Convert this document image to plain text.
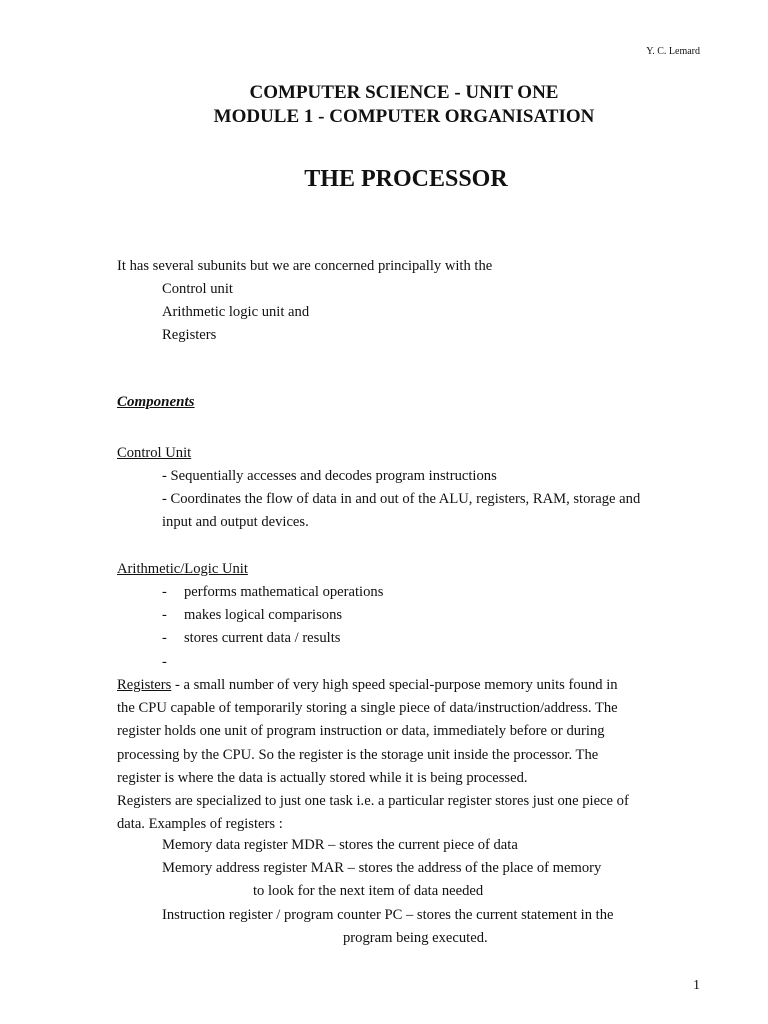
Y. C. Lemard
COMPUTER SCIENCE - UNIT ONE
MODULE 1 - COMPUTER ORGANISATION
THE PROCESSOR
It has several subunits but we are concerned principally with the
Control unit
Arithmetic logic unit and
Registers
Components
Control Unit
- Sequentially accesses and decodes program instructions
- Coordinates the flow of data in and out of the ALU, registers, RAM, storage and
input and output devices.
Arithmetic/Logic Unit
- performs mathematical operations
- makes logical comparisons
- stores current data / results
-

Registers - a small number of very high speed special-purpose memory units found in

the CPU capable of temporarily storing a single piece of data/instruction/address. The

register holds one unit of program instruction or data, immediately before or during

processing by the CPU. So the register is the storage unit inside the processor. The

register is where the data is actually stored while it is being processed.

Registers are specialized to just one task i.e. a particular register stores just one piece of

data. Examples of registers :

Memory data register MDR – stores the current piece of data
Memory address register MAR – stores the address of the place of memory
to look for the next item of data needed
Instruction register / program counter PC – stores the current statement in the
program being executed.
1
